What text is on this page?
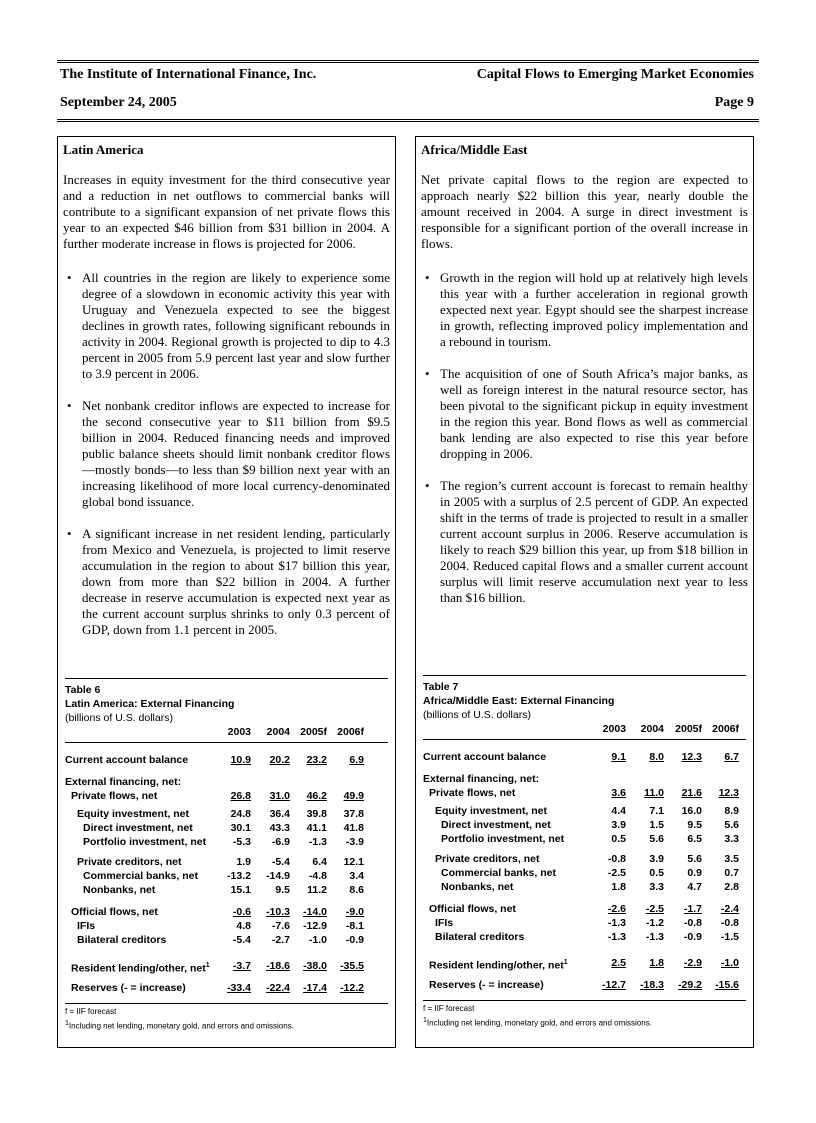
The Institute of International Finance, Inc.	Capital Flows to Emerging Market Economies
September 24, 2005	Page 9
Latin America
Increases in equity investment for the third consecutive year and a reduction in net outflows to commercial banks will contribute to a significant expansion of net private flows this year to an expected $46 billion from $31 billion in 2004. A further moderate increase in flows is projected for 2006.
• All countries in the region are likely to experience some degree of a slowdown in economic activity this year with Uruguay and Venezuela expected to see the biggest declines in growth rates, following significant rebounds in activity in 2004. Regional growth is projected to dip to 4.3 percent in 2005 from 5.9 percent last year and slow further to 3.9 percent in 2006.
• Net nonbank creditor inflows are expected to increase for the second consecutive year to $11 billion from $9.5 billion in 2004. Reduced financing needs and improved public balance sheets should limit nonbank creditor flows—mostly bonds—to less than $9 billion next year with an increasing likelihood of more local currency-denominated global bond issuance.
• A significant increase in net resident lending, particularly from Mexico and Venezuela, is projected to limit reserve accumulation in the region to about $17 billion this year, down from more than $22 billion in 2004. A further decrease in reserve accumulation is expected next year as the current account surplus shrinks to only 0.3 percent of GDP, down from 1.1 percent in 2005.
Table 6
Latin America: External Financing
(billions of U.S. dollars)
2003	2004 2005f 2006f
Current account balance	10.9	20.2	23.2	6.9
External financing, net:
Private flows, net	26.8	31.0	46.2	49.9
Equity investment, net	24.8	36.4	39.8	37.8
Direct investment, net	30.1	43.3	41.1	41.8
Portfolio investment, net	-5.3	-6.9	-1.3	-3.9
Private creditors, net	1.9	-5.4	6.4	12.1
Commercial banks, net	-13.2	-14.9	-4.8	3.4
Nonbanks, net	15.1	9.5	11.2	8.6
Official flows, net	-0.6	-10.3	-14.0	-9.0
IFIs	4.8	-7.6	-12.9	-8.1
Bilateral creditors	-5.4	-2.7	-1.0	-0.9
Resident lending/other, net$^1$	-3.7	-18.6	-38.0	-35.5
Reserves (- = increase)	-33.4	-22.4	-17.4	-12.2
f = IIF forecast
$^1$Including net lending, monetary gold, and errors and omissions.
Africa/Middle East
Net private capital flows to the region are expected to approach nearly $22 billion this year, nearly double the amount received in 2004. A surge in direct investment is responsible for a significant portion of the overall increase in flows.
• Growth in the region will hold up at relatively high levels this year with a further acceleration in regional growth expected next year. Egypt should see the sharpest increase in growth, reflecting improved policy implementation and a rebound in tourism.
• The acquisition of one of South Africa’s major banks, as well as foreign interest in the natural resource sector, has been pivotal to the significant pickup in equity investment in the region this year. Bond flows as well as commercial bank lending are also expected to rise this year before dropping in 2006.
• The region’s current account is forecast to remain healthy in 2005 with a surplus of 2.5 percent of GDP. An expected shift in the terms of trade is projected to result in a smaller current account surplus in 2006. Reserve accumulation is likely to reach $29 billion this year, up from $18 billion in 2004. Reduced capital flows and a smaller current account surplus will limit reserve accumulation next year to less than $16 billion.
Table 7
Africa/Middle East: External Financing
(billions of U.S. dollars)
2003	2004	2005f 2006f
Current account balance	9.1	8.0	12.3	6.7
External financing, net:
Private flows, net	3.6	11.0	21.6	12.3
Equity investment, net	4.4	7.1	16.0	8.9
Direct investment, net	3.9	1.5	9.5	5.6
Portfolio investment, net	0.5	5.6	6.5	3.3
Private creditors, net	-0.8	3.9	5.6	3.5
Commercial banks, net	-2.5	0.5	0.9	0.7
Nonbanks, net	1.8	3.3	4.7	2.8
Official flows, net	-2.6	-2.5	-1.7	-2.4
IFIs	-1.3	-1.2	-0.8	-0.8
Bilateral creditors	-1.3	-1.3	-0.9	-1.5
Resident lending/other, net$^1$	2.5	1.8	-2.9	-1.0
Reserves (- = increase)	-12.7	-18.3	-29.2	-15.6
f = IIF forecast
$^1$Including net lending, monetary gold, and errors and omissions.
